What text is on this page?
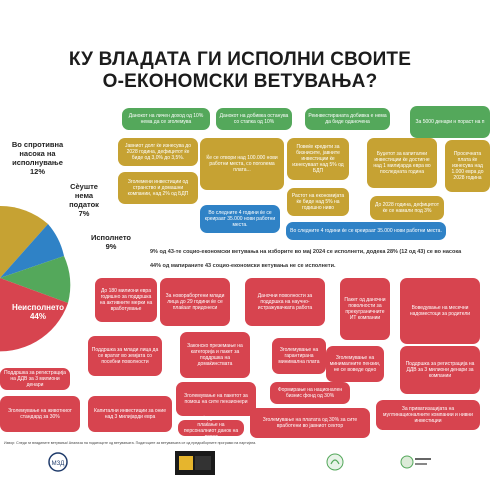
КУ ВЛАДАТА ГИ ИСПОЛНИ СВОИТЕ
О-ЕКОНОМСКИ ВЕТУВАЊА?
Во спротивна насока на исполнување
12%
Сѐуште нема податок
7%
Исполнето
9%
Неисполнето
44%
Данокот на личен доход од 10% нема да се зголемува
Данокот на добивка останува со стапка од 10%
Реинвестираната добивка е нема да биде оданочена	За 5000 денари н пораст на п
Јавниот долг ќе изнесува до 2028 година, дефицитот ќе биде од 3,0% до 3,5%.	Ќе се отвори над 100.000 нови работни места, со поголема плата...
Повеќе кредити за бизнисите, јавните инвестиции ќе изнесуваат над 5% од БДП
Буџетот за капитални инвестиции ќе достигне над 1 милијарда евра во последната година
Просечната плата ќе изнесува над 1.000 евра до 2028 година
Зголемени инвестиции од странство и домашни компании, над 2% од БДП	Растот на економијата ќе биде над 5% на годишно ниво	До 2028 година, дефицитот ќе се намали под 3%
Во следните 4 години ќе се креираат 35.000 нови работни места.
Во следните 4 години ќе се креираат 35.000 нови работни места.
9% од 43-те социо-економски ветувања на изборите во мај 2024 се исполнети, додека 28% (12 од 43) се во насока
44% од мапираните 43 социо-економски ветувања не се исполнети.
До 180 милиони евра годишно за поддршка на активните мерки на вработување
За новорабортени млади лица до 29 години ќе се плаќаат придонеси
Даночни поволности за поддршка на научно-истражувачката работа
Пакет од даночни поволности за прекуграничните ИТ компании
Воведување на месечни надоместоци за родители
Поддршка за млади лица да се вратат во земјата со посебни поволности
Законско преземање на категорија и пакет за поддршка на домаќинствата
Зголемување на гарантирана минимална плата
Зголемување на минималните пензии, не се воведе одно
Поддршка за регистрација на ДДВ за 3 милиони денари за компании
Зголемување на пакетот за помош на сите пензионери
Поддршка за регистрација на ДДВ за 3 милиони денари
Формирање на национален бизнис фонд од 30%
Зголемување на животниот стандард за 30%
Капитални инвестиции за оние над 3 милијарди евра	Ослободување на плаќање на персоналниот данок на доход
Зголемување на платата од 30% за сите вработени во јавниот сектор
За приватизацијата на мултинационалните компании и нивни инвестиции
Извор: Следи ги владините ветувања! Анализа на податоците од ветувањата. Податоците за ветувањата се од предизборните програми на партијата.
МЗД
